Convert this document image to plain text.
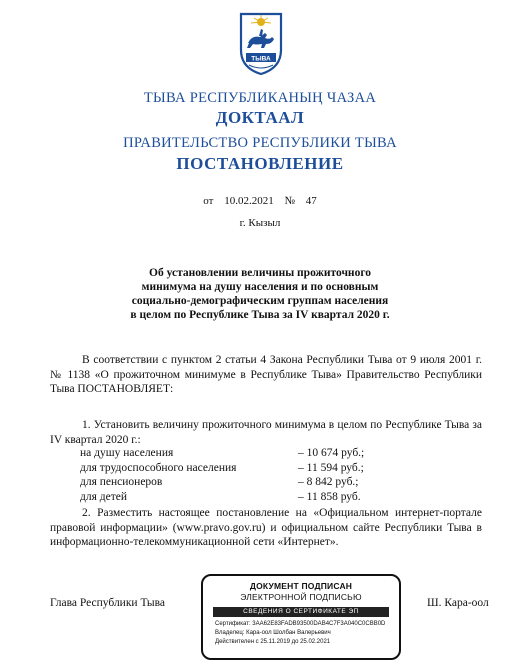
ТЫВА
ТЫВА РЕСПУБЛИКАНЫҢ ЧАЗАА
ДОКТААЛ
ПРАВИТЕЛЬСТВО РЕСПУБЛИКИ ТЫВА
ПОСТАНОВЛЕНИЕ
от 10.02.2021 № 47
г. Кызыл
Об установлении величины прожиточного
минимума на душу населения и по основным
социально-демографическим группам населения
в целом по Республике Тыва за IV квартал 2020 г.
В соответствии с пунктом 2 статьи 4 Закона Республики Тыва от 9 июля 2001 г. № 1138 «О прожиточном минимуме в Республике Тыва» Правительство Республики Тыва ПОСТАНОВЛЯЕТ:
1. Установить величину прожиточного минимума в целом по Республике Тыва за IV квартал 2020 г.:
на душу населения	– 10 674 руб.;
для трудоспособного населения	– 11 594 руб.;
для пенсионеров	– 8 842 руб.;
для детей	– 11 858 руб.
2. Разместить настоящее постановление на «Официальном интернет-портале правовой информации» (www.pravo.gov.ru) и официальном сайте Республики Тыва в информационно-телекоммуникационной сети «Интернет».
Глава Республики Тыва	Ш. Кара-оол
ДОКУМЕНТ ПОДПИСАН
ЭЛЕКТРОННОЙ ПОДПИСЬЮ
СВЕДЕНИЯ О СЕРТИФИКАТЕ ЭП
Сертификат: 3AA62E83FADB93500DAB4C7F3A040C0CBB0D
Владелец: Кара-оол Шолбан Валерьевич
Действителен с 25.11.2019 до 25.02.2021
